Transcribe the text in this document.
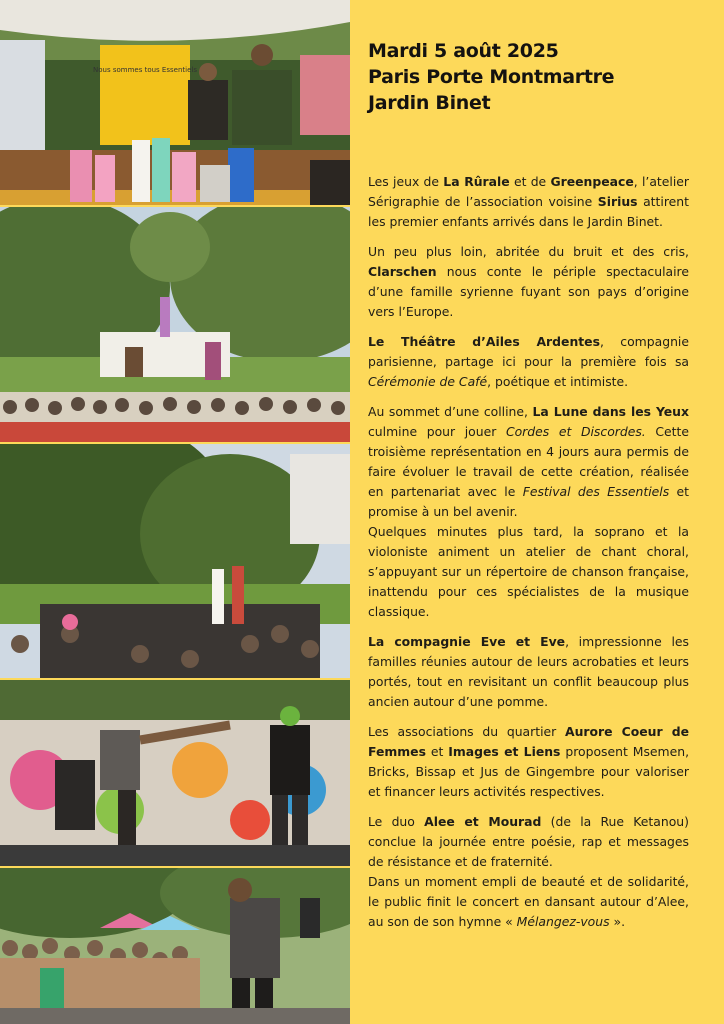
Nous sommes tous Essentiels
Mardi 5 août 2025
Paris Porte Montmartre
Jardin Binet

Les jeux de La Rûrale et de Greenpeace, l’atelier Sérigraphie de l’association voisine Sirius attirent les premier enfants arrivés dans le Jardin Binet.

Un peu plus loin, abritée du bruit et des cris, Clarschen nous conte le périple spectaculaire d’une famille syrienne fuyant son pays d’origine vers l’Europe.

Le Théâtre d’Ailes Ardentes, compagnie parisienne, partage ici pour la première fois sa Cérémonie de Café, poétique et intimiste.

Au sommet d’une colline, La Lune dans les Yeux culmine pour jouer Cordes et Discordes. Cette troisième représentation en 4 jours aura permis de faire évoluer le travail de cette création, réalisée en partenariat avec le Festival des Essentiels et promise à un bel avenir.

Quelques minutes plus tard, la soprano et la violoniste animent un atelier de chant choral, s’appuyant sur un répertoire de chanson française, inattendu pour ces spécialistes de la musique classique.

La compagnie Eve et Eve, impressionne les familles réunies autour de leurs acrobaties et leurs portés, tout en revisitant un conflit beaucoup plus ancien autour d’une pomme.

Les associations du quartier Aurore Coeur de Femmes et Images et Liens proposent Msemen, Bricks, Bissap et Jus de Gingembre pour valoriser et financer leurs activités respectives.

Le duo Alee et Mourad (de la Rue Ketanou) conclue la journée entre poésie, rap et messages de résistance et de fraternité.

Dans un moment empli de beauté et de solidarité, le public finit le concert en dansant autour d’Alee, au son de son hymne « Mélangez-vous ».
